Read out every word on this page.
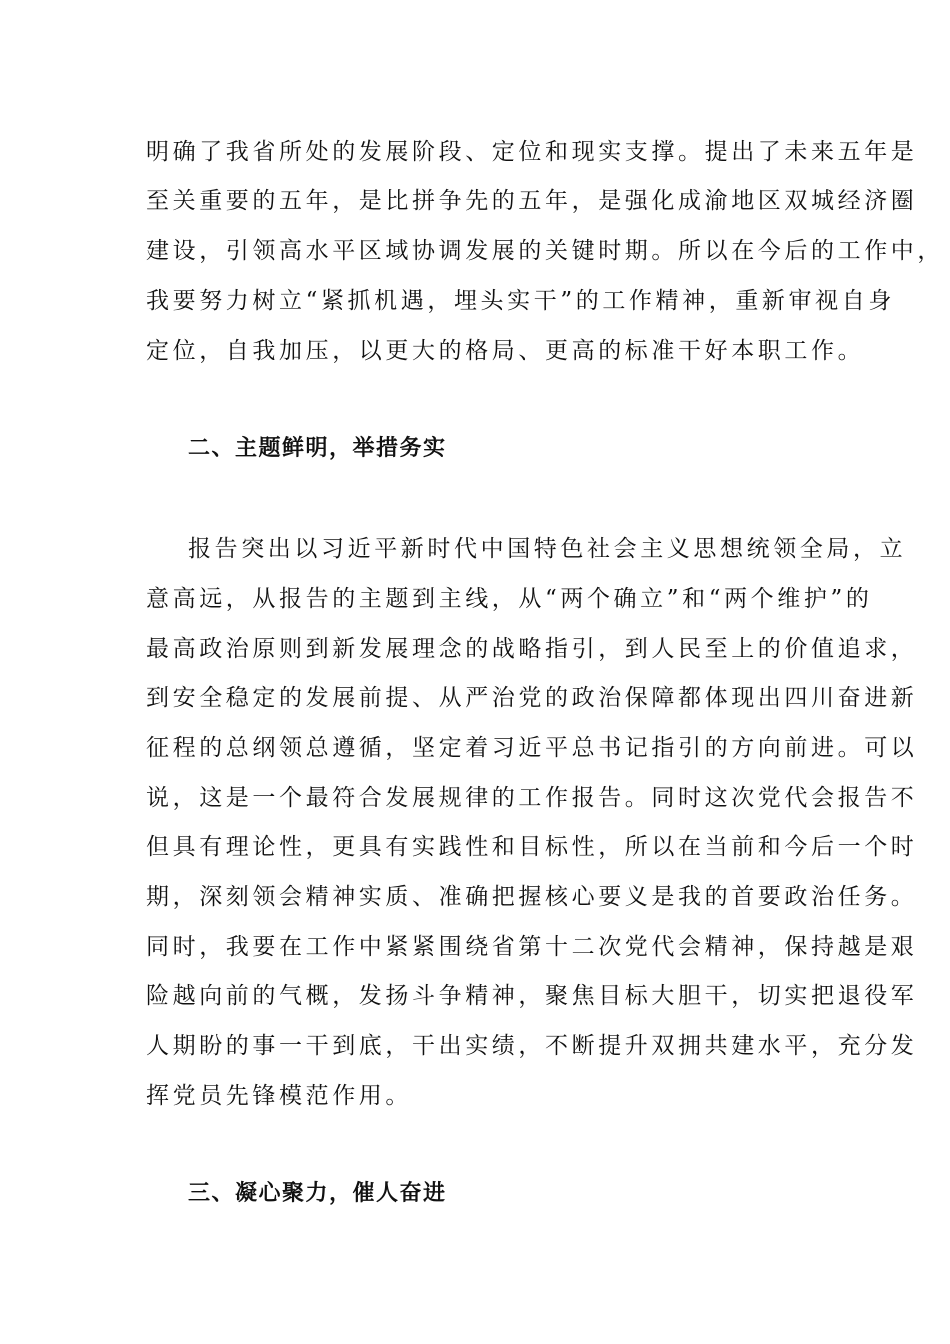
明确了我省所处的发展阶段、定位和现实支撑。提出了未来五年是
至关重要的五年，是比拼争先的五年，是强化成渝地区双城经济圈
建设，引领高水平区域协调发展的关键时期。所以在今后的工作中，
我要努力树立“紧抓机遇，埋头实干”的工作精神，重新审视自身
定位，自我加压，以更大的格局、更高的标准干好本职工作。
二、主题鲜明，举措务实
报告突出以习近平新时代中国特色社会主义思想统领全局，立
意高远，从报告的主题到主线，从“两个确立”和“两个维护”的
最高政治原则到新发展理念的战略指引，到人民至上的价值追求，
到安全稳定的发展前提、从严治党的政治保障都体现出四川奋进新
征程的总纲领总遵循，坚定着习近平总书记指引的方向前进。可以
说，这是一个最符合发展规律的工作报告。同时这次党代会报告不
但具有理论性，更具有实践性和目标性，所以在当前和今后一个时
期，深刻领会精神实质、准确把握核心要义是我的首要政治任务。
同时，我要在工作中紧紧围绕省第十二次党代会精神，保持越是艰
险越向前的气概，发扬斗争精神，聚焦目标大胆干，切实把退役军
人期盼的事一干到底，干出实绩，不断提升双拥共建水平，充分发
挥党员先锋模范作用。
三、凝心聚力，催人奋进
